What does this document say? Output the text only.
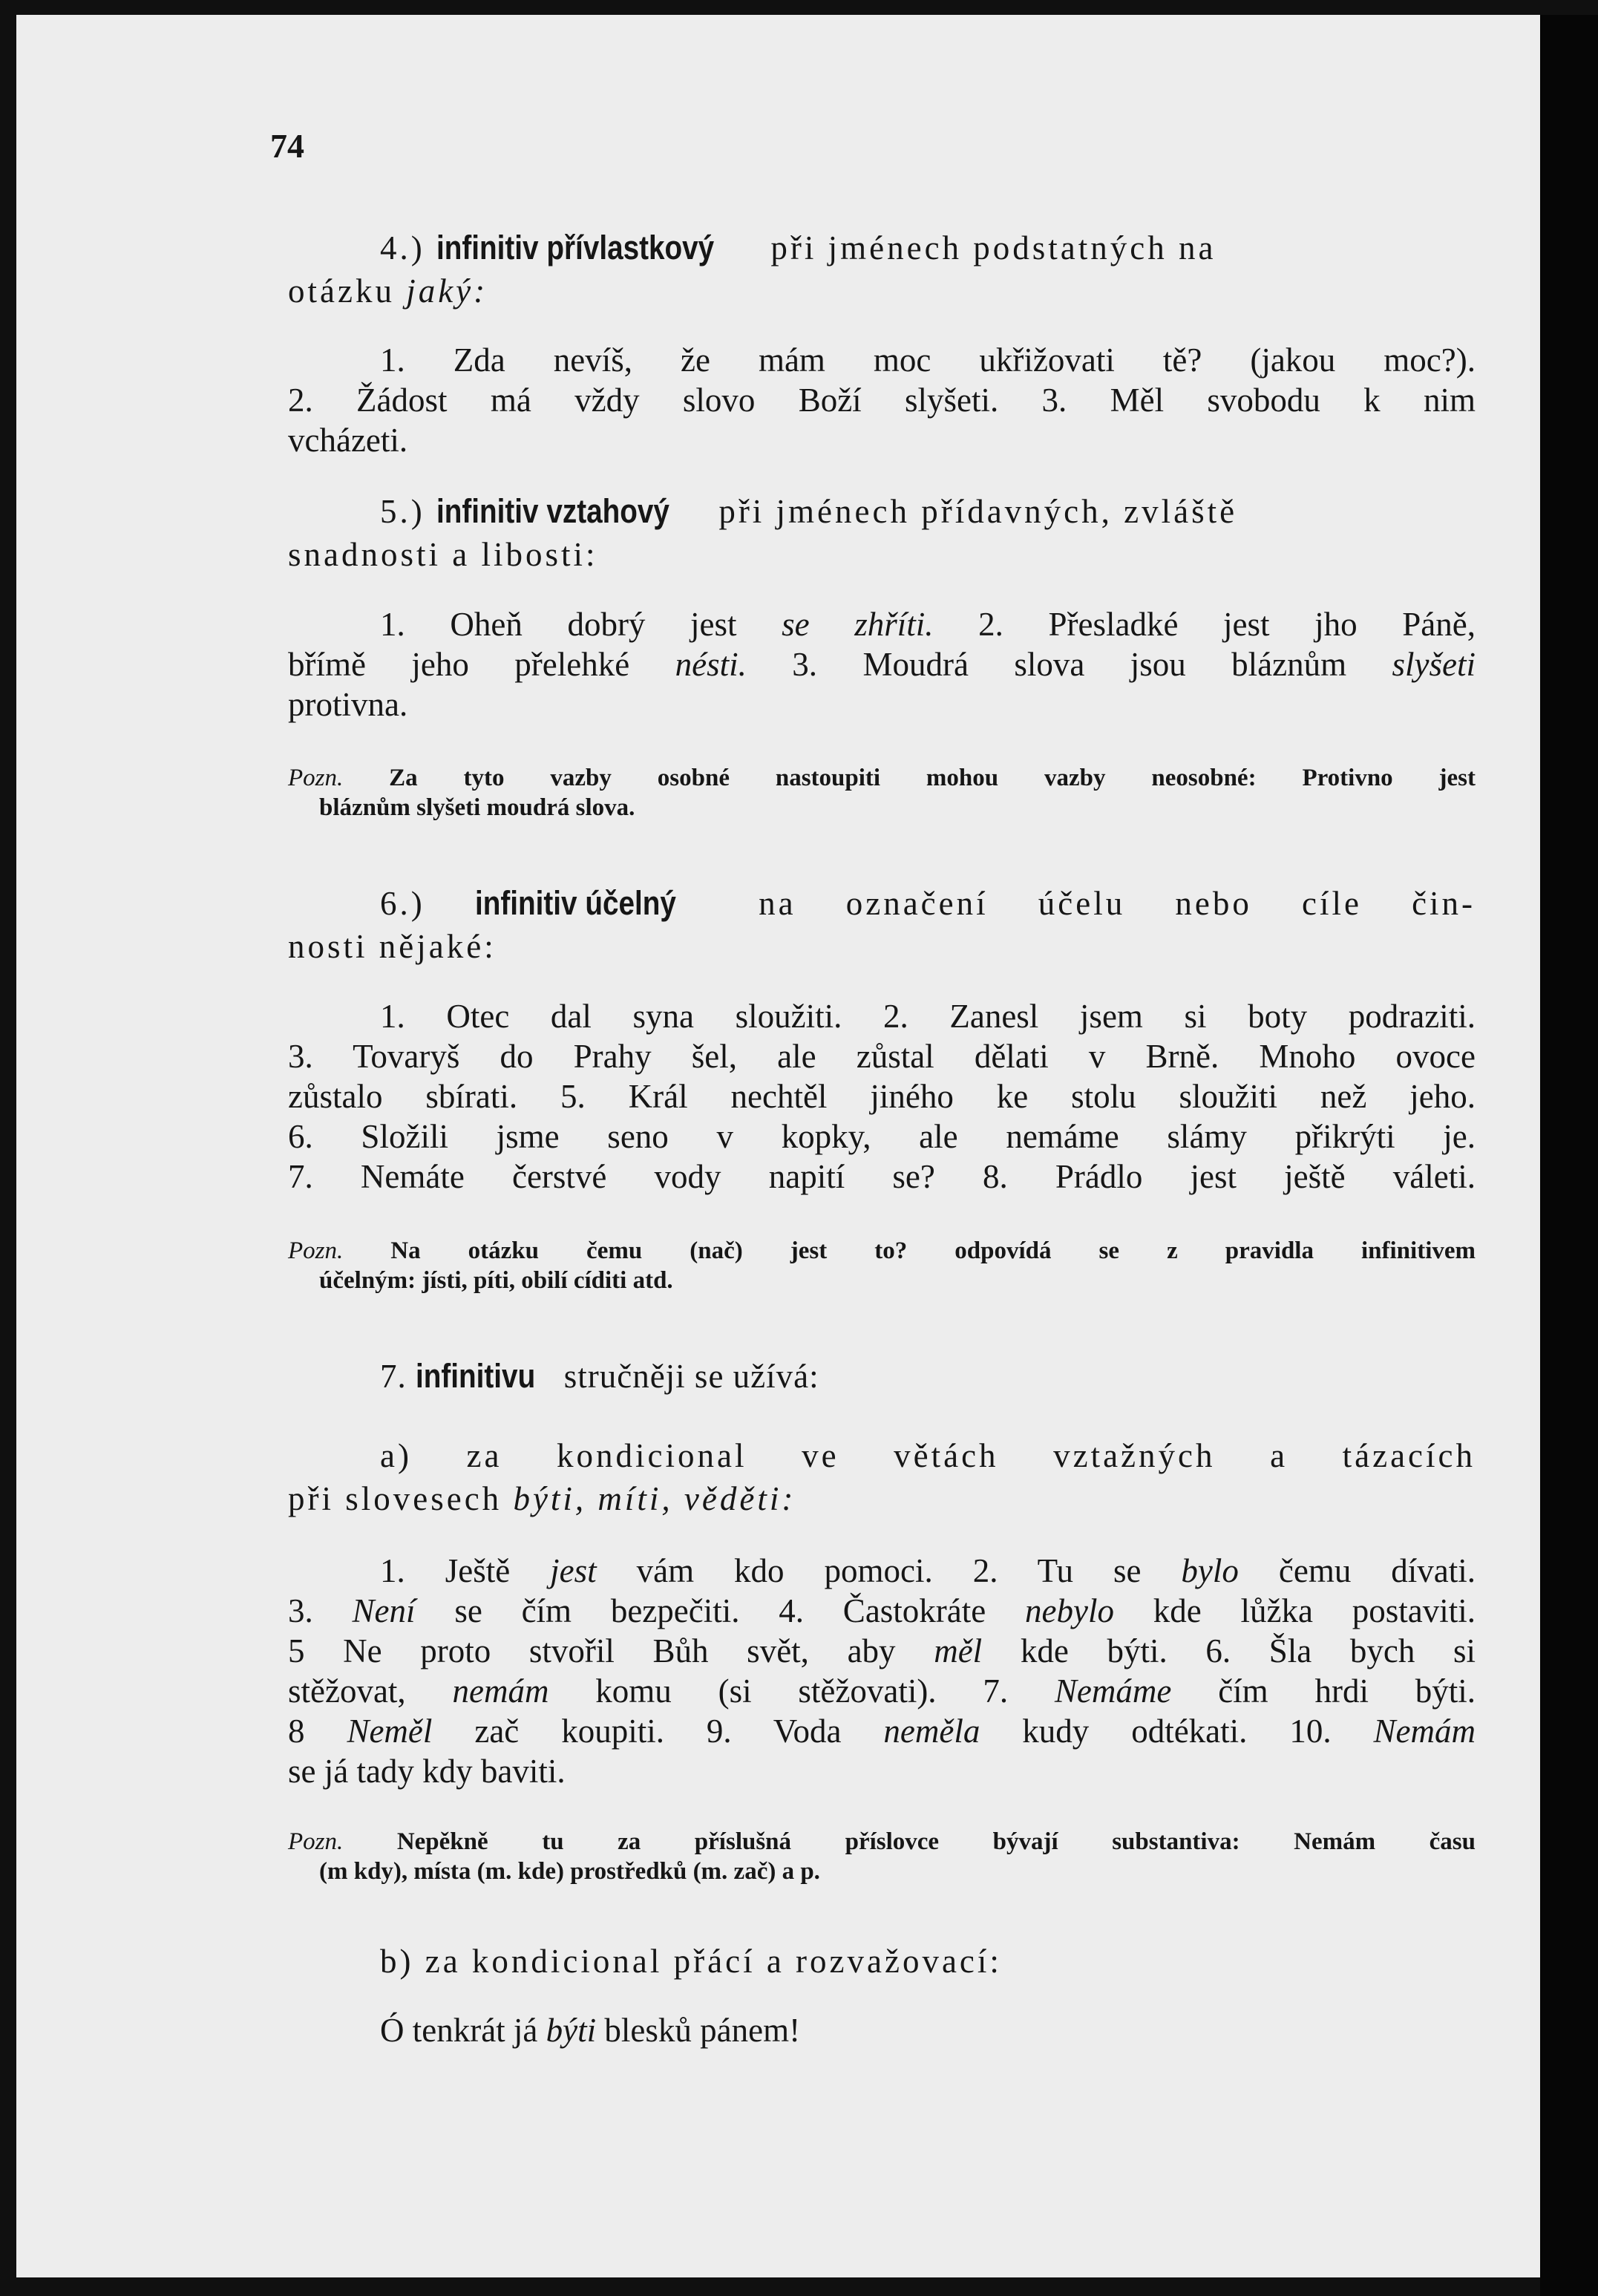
74
4.) infinitiv přívlastkový při jménech podstatných na
otázku jaký:
1. Zda nevíš, že mám moc ukřižovati tě? (jakou moc?).
2. Žádost má vždy slovo Boží slyšeti. 3. Měl svobodu k nim
vcházeti.
5.) infinitiv vztahový při jménech přídavných, zvláště
snadnosti a libosti:
1. Oheň dobrý jest se zhříti. 2. Přesladké jest jho Páně,
břímě jeho přelehké nésti. 3. Moudrá slova jsou bláznům slyšeti
protivna.
Pozn. Za tyto vazby osobné nastoupiti mohou vazby neosobné: Protivno jest
bláznům slyšeti moudrá slova.
6.) infinitiv účelný na označení účelu nebo cíle čin-
nosti nějaké:
1. Otec dal syna sloužiti. 2. Zanesl jsem si boty podraziti.
3. Tovaryš do Prahy šel, ale zůstal dělati v Brně. Mnoho ovoce
zůstalo sbírati. 5. Král nechtěl jiného ke stolu sloužiti než jeho.
6. Složili jsme seno v kopky, ale nemáme slámy přikrýti je.
7. Nemáte čerstvé vody napití se? 8. Prádlo jest ještě váleti.
Pozn. Na otázku čemu (nač) jest to? odpovídá se z pravidla infinitivem
účelným: jísti, píti, obilí cíditi atd.
7. infinitivu stručněji se užívá:
a) za kondicional ve větách vztažných a tázacích
při slovesech býti, míti, věděti:
1. Ještě jest vám kdo pomoci. 2. Tu se bylo čemu dívati.
3. Není se čím bezpečiti. 4. Častokráte nebylo kde lůžka postaviti.
5 Ne proto stvořil Bůh svět, aby měl kde býti. 6. Šla bych si
stěžovat, nemám komu (si stěžovati). 7. Nemáme čím hrdi býti.
8 Neměl zač koupiti. 9. Voda neměla kudy odtékati. 10. Nemám
se já tady kdy baviti.
Pozn. Nepěkně tu za příslušná příslovce bývají substantiva: Nemám času
(m kdy), místa (m. kde) prostředků (m. zač) a p.
b) za kondicional přácí a rozvažovací:
Ó tenkrát já býti blesků pánem!
